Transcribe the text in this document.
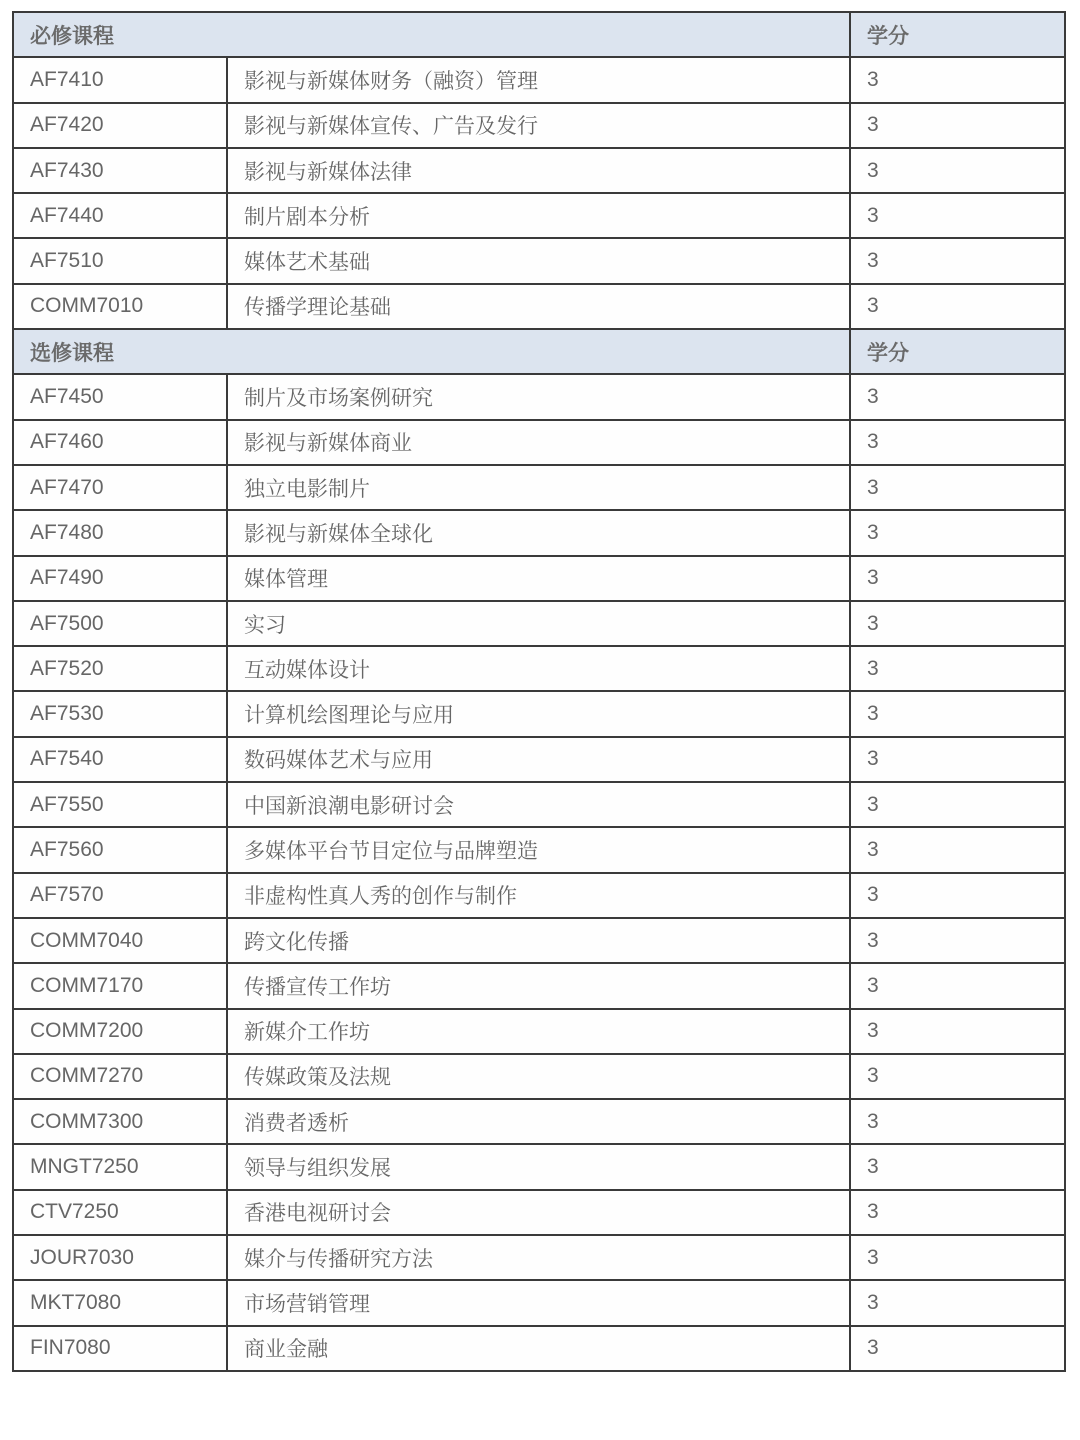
必修课程		学分
AF7410	影视与新媒体财务（融资）管理	3
AF7420	影视与新媒体宣传、广告及发行	3
AF7430	影视与新媒体法律	3
AF7440	制片剧本分析	3
AF7510	媒体艺术基础	3
COMM7010	传播学理论基础	3
选修课程		学分
AF7450	制片及市场案例研究	3
AF7460	影视与新媒体商业	3
AF7470	独立电影制片	3
AF7480	影视与新媒体全球化	3
AF7490	媒体管理	3
AF7500	实习	3
AF7520	互动媒体设计	3
AF7530	计算机绘图理论与应用	3
AF7540	数码媒体艺术与应用	3
AF7550	中国新浪潮电影研讨会	3
AF7560	多媒体平台节目定位与品牌塑造	3
AF7570	非虚构性真人秀的创作与制作	3
COMM7040	跨文化传播	3
COMM7170	传播宣传工作坊	3
COMM7200	新媒介工作坊	3
COMM7270	传媒政策及法规	3
COMM7300	消费者透析	3
MNGT7250	领导与组织发展	3
CTV7250	香港电视研讨会	3
JOUR7030	媒介与传播研究方法	3
MKT7080	市场营销管理	3
FIN7080	商业金融	3
